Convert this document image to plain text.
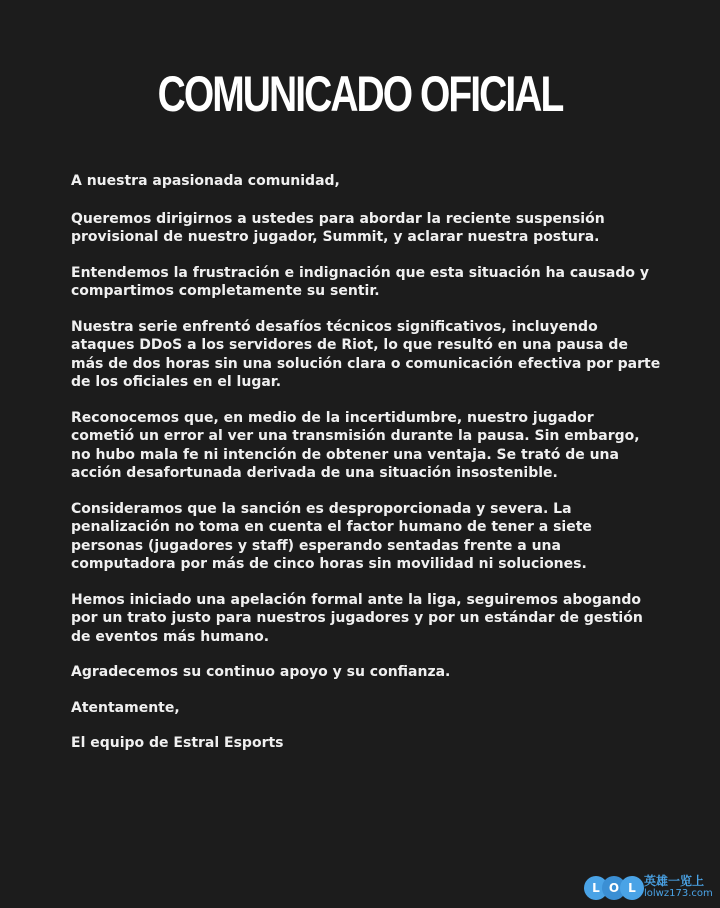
COMUNICADO OFICIAL

A nuestra apasionada comunidad,

Queremos dirigirnos a ustedes para abordar la reciente suspensión provisional de nuestro jugador, Summit, y aclarar nuestra postura.

Entendemos la frustración e indignación que esta situación ha causado y compartimos completamente su sentir.

Nuestra serie enfrentó desafíos técnicos significativos, incluyendo ataques DDoS a los servidores de Riot, lo que resultó en una pausa de más de dos horas sin una solución clara o comunicación efectiva por parte de los oficiales en el lugar.

Reconocemos que, en medio de la incertidumbre, nuestro jugador cometió un error al ver una transmisión durante la pausa. Sin embargo, no hubo mala fe ni intención de obtener una ventaja. Se trató de una acción desafortunada derivada de una situación insostenible.

Consideramos que la sanción es desproporcionada y severa. La penalización no toma en cuenta el factor humano de tener a siete personas (jugadores y staff) esperando sentadas frente a una computadora por más de cinco horas sin movilidad ni soluciones.

Hemos iniciado una apelación formal ante la liga, seguiremos abogando por un trato justo para nuestros jugadores y por un estándar de gestión de eventos más humano.

Agradecemos su continuo apoyo y su confianza.

Atentamente,

El equipo de Estral Esports

L O L 英雄一览上
lolwz173.com
